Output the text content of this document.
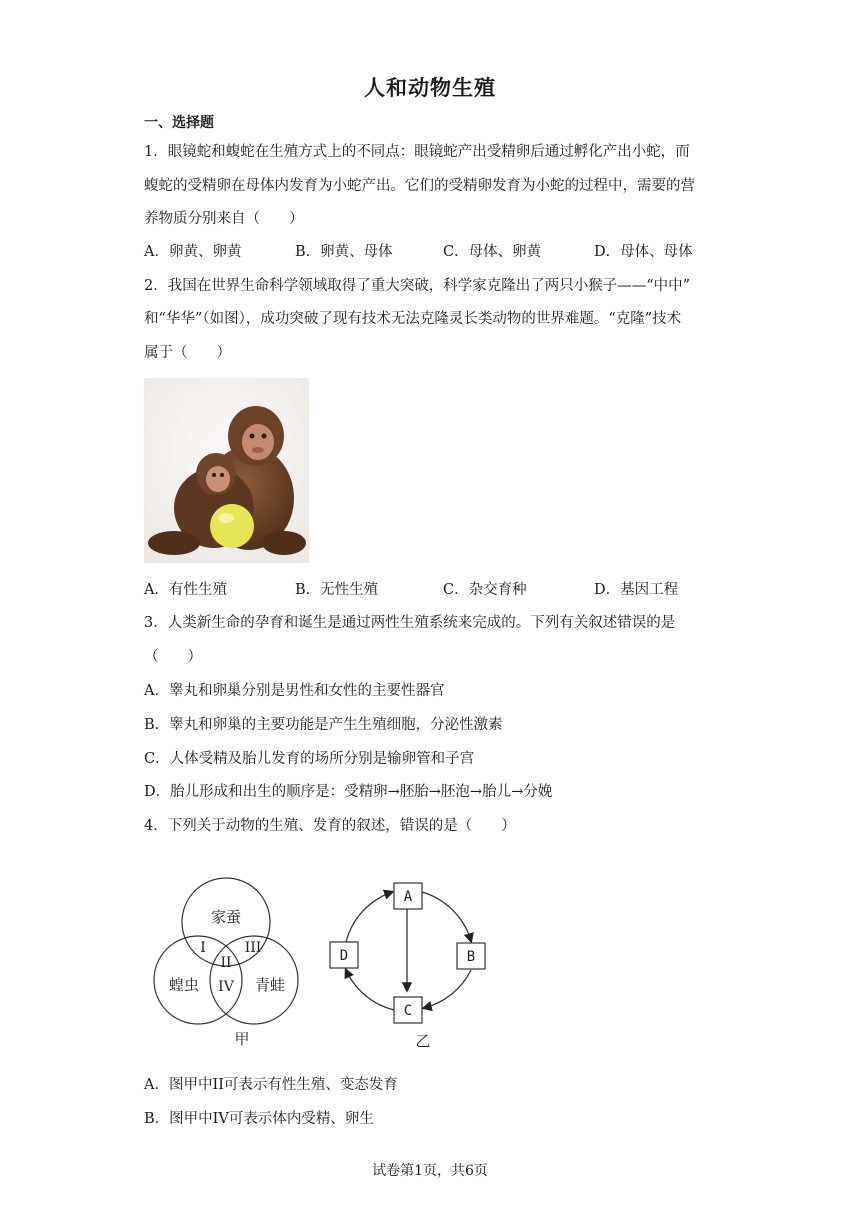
人和动物生殖
一、选择题
1．眼镜蛇和蝮蛇在生殖方式上的不同点：眼镜蛇产出受精卵后通过孵化产出小蛇，而
蝮蛇的受精卵在母体内发育为小蛇产出。它们的受精卵发育为小蛇的过程中，需要的营
养物质分别来自（　　）
A．卵黄、卵黄	B．卵黄、母体	C．母体、卵黄	D．母体、母体
2．我国在世界生命科学领域取得了重大突破，科学家克隆出了两只小猴子——“中中”
和“华华”（如图），成功突破了现有技术无法克隆灵长类动物的世界难题。“克隆”技术
属于（　　）
A．有性生殖	B．无性生殖	C．杂交育种	D．基因工程
3．人类新生命的孕育和诞生是通过两性生殖系统来完成的。下列有关叙述错误的是
（　　）
A．睾丸和卵巢分别是男性和女性的主要性器官
B．睾丸和卵巢的主要功能是产生生殖细胞，分泌性激素
C．人体受精及胎儿发育的场所分别是输卵管和子宫
D．胎儿形成和出生的顺序是：受精卵→胚胎→胚泡→胎儿→分娩
4．下列关于动物的生殖、发育的叙述，错误的是（　　）
家蚕
蝗虫	青蛙
I
II
III
IV
甲
A
B
C
D
乙
A．图甲中II可表示有性生殖、变态发育
B．图甲中IV可表示体内受精、卵生
试卷第1页，共6页
